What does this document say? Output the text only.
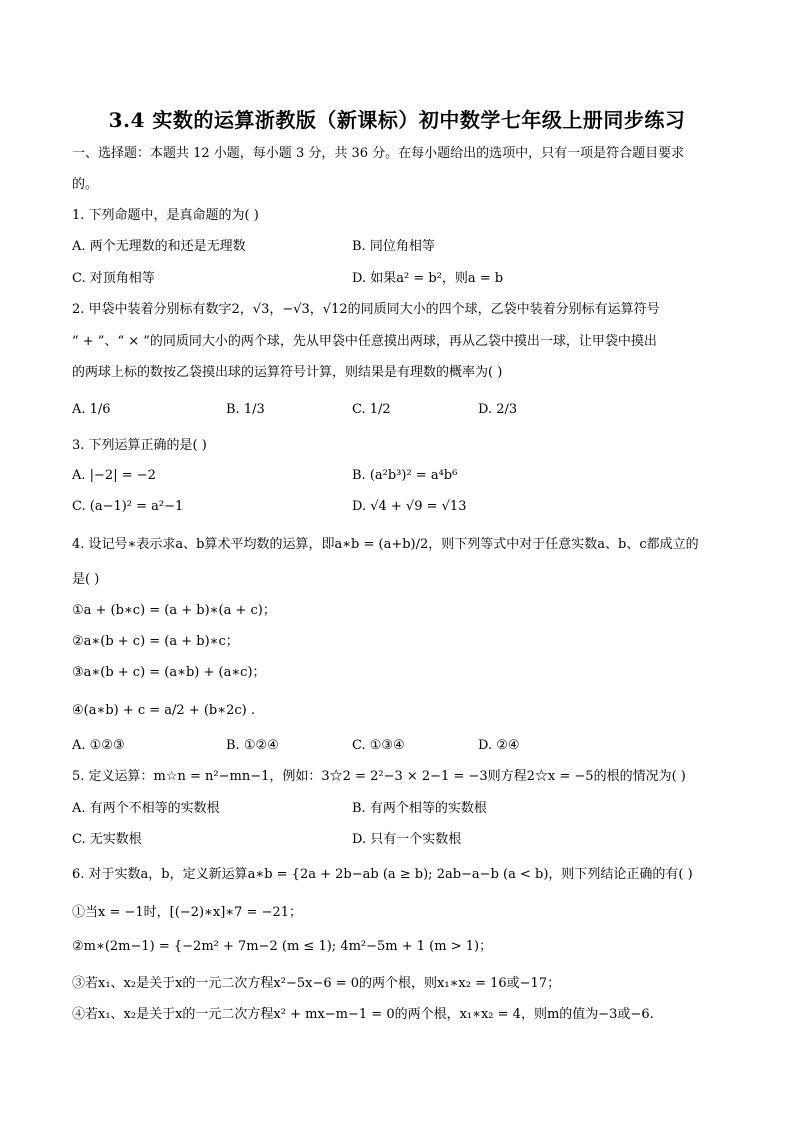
3.4 实数的运算浙教版（新课标）初中数学七年级上册同步练习
一、选择题：本题共 12 小题，每小题 3 分，共 36 分。在每小题给出的选项中，只有一项是符合题目要求
的。
1. 下列命题中，是真命题的为( )
A. 两个无理数的和还是无理数	B. 同位角相等
C. 对顶角相等	D. 如果a² = b²，则a = b
2. 甲袋中装着分别标有数字2，√3，−√3，√12的同质同大小的四个球，乙袋中装着分别标有运算符号
“ + ”、“ × ”的同质同大小的两个球，先从甲袋中任意摸出两球，再从乙袋中摸出一球，让甲袋中摸出
的两球上标的数按乙袋摸出球的运算符号计算，则结果是有理数的概率为( )
A. 1/6	B. 1/3	C. 1/2	D. 2/3
3. 下列运算正确的是( )
A. |−2| = −2	B. (a²b³)² = a⁴b⁶
C. (a−1)² = a²−1	D. √4 + √9 = √13
4. 设记号∗表示求a、b算术平均数的运算，即a∗b = (a+b)/2，则下列等式中对于任意实数a、b、c都成立的
是( )
①a + (b∗c) = (a + b)∗(a + c)；
②a∗(b + c) = (a + b)∗c；
③a∗(b + c) = (a∗b) + (a∗c)；
④(a∗b) + c = a/2 + (b∗2c) .
A. ①②③	B. ①②④	C. ①③④	D. ②④
5. 定义运算：m☆n = n²−mn−1，例如：3☆2 = 2²−3 × 2−1 = −3则方程2☆x = −5的根的情况为( )
A. 有两个不相等的实数根	B. 有两个相等的实数根
C. 无实数根	D. 只有一个实数根
6. 对于实数a，b，定义新运算a∗b = {2a + 2b−ab (a ≥ b); 2ab−a−b (a < b)，则下列结论正确的有( )
①当x = −1时，[(−2)∗x]∗7 = −21；
②m∗(2m−1) = {−2m² + 7m−2 (m ≤ 1); 4m²−5m + 1 (m > 1)；
③若x₁、x₂是关于x的一元二次方程x²−5x−6 = 0的两个根，则x₁∗x₂ = 16或−17；
④若x₁、x₂是关于x的一元二次方程x² + mx−m−1 = 0的两个根，x₁∗x₂ = 4，则m的值为−3或−6.
